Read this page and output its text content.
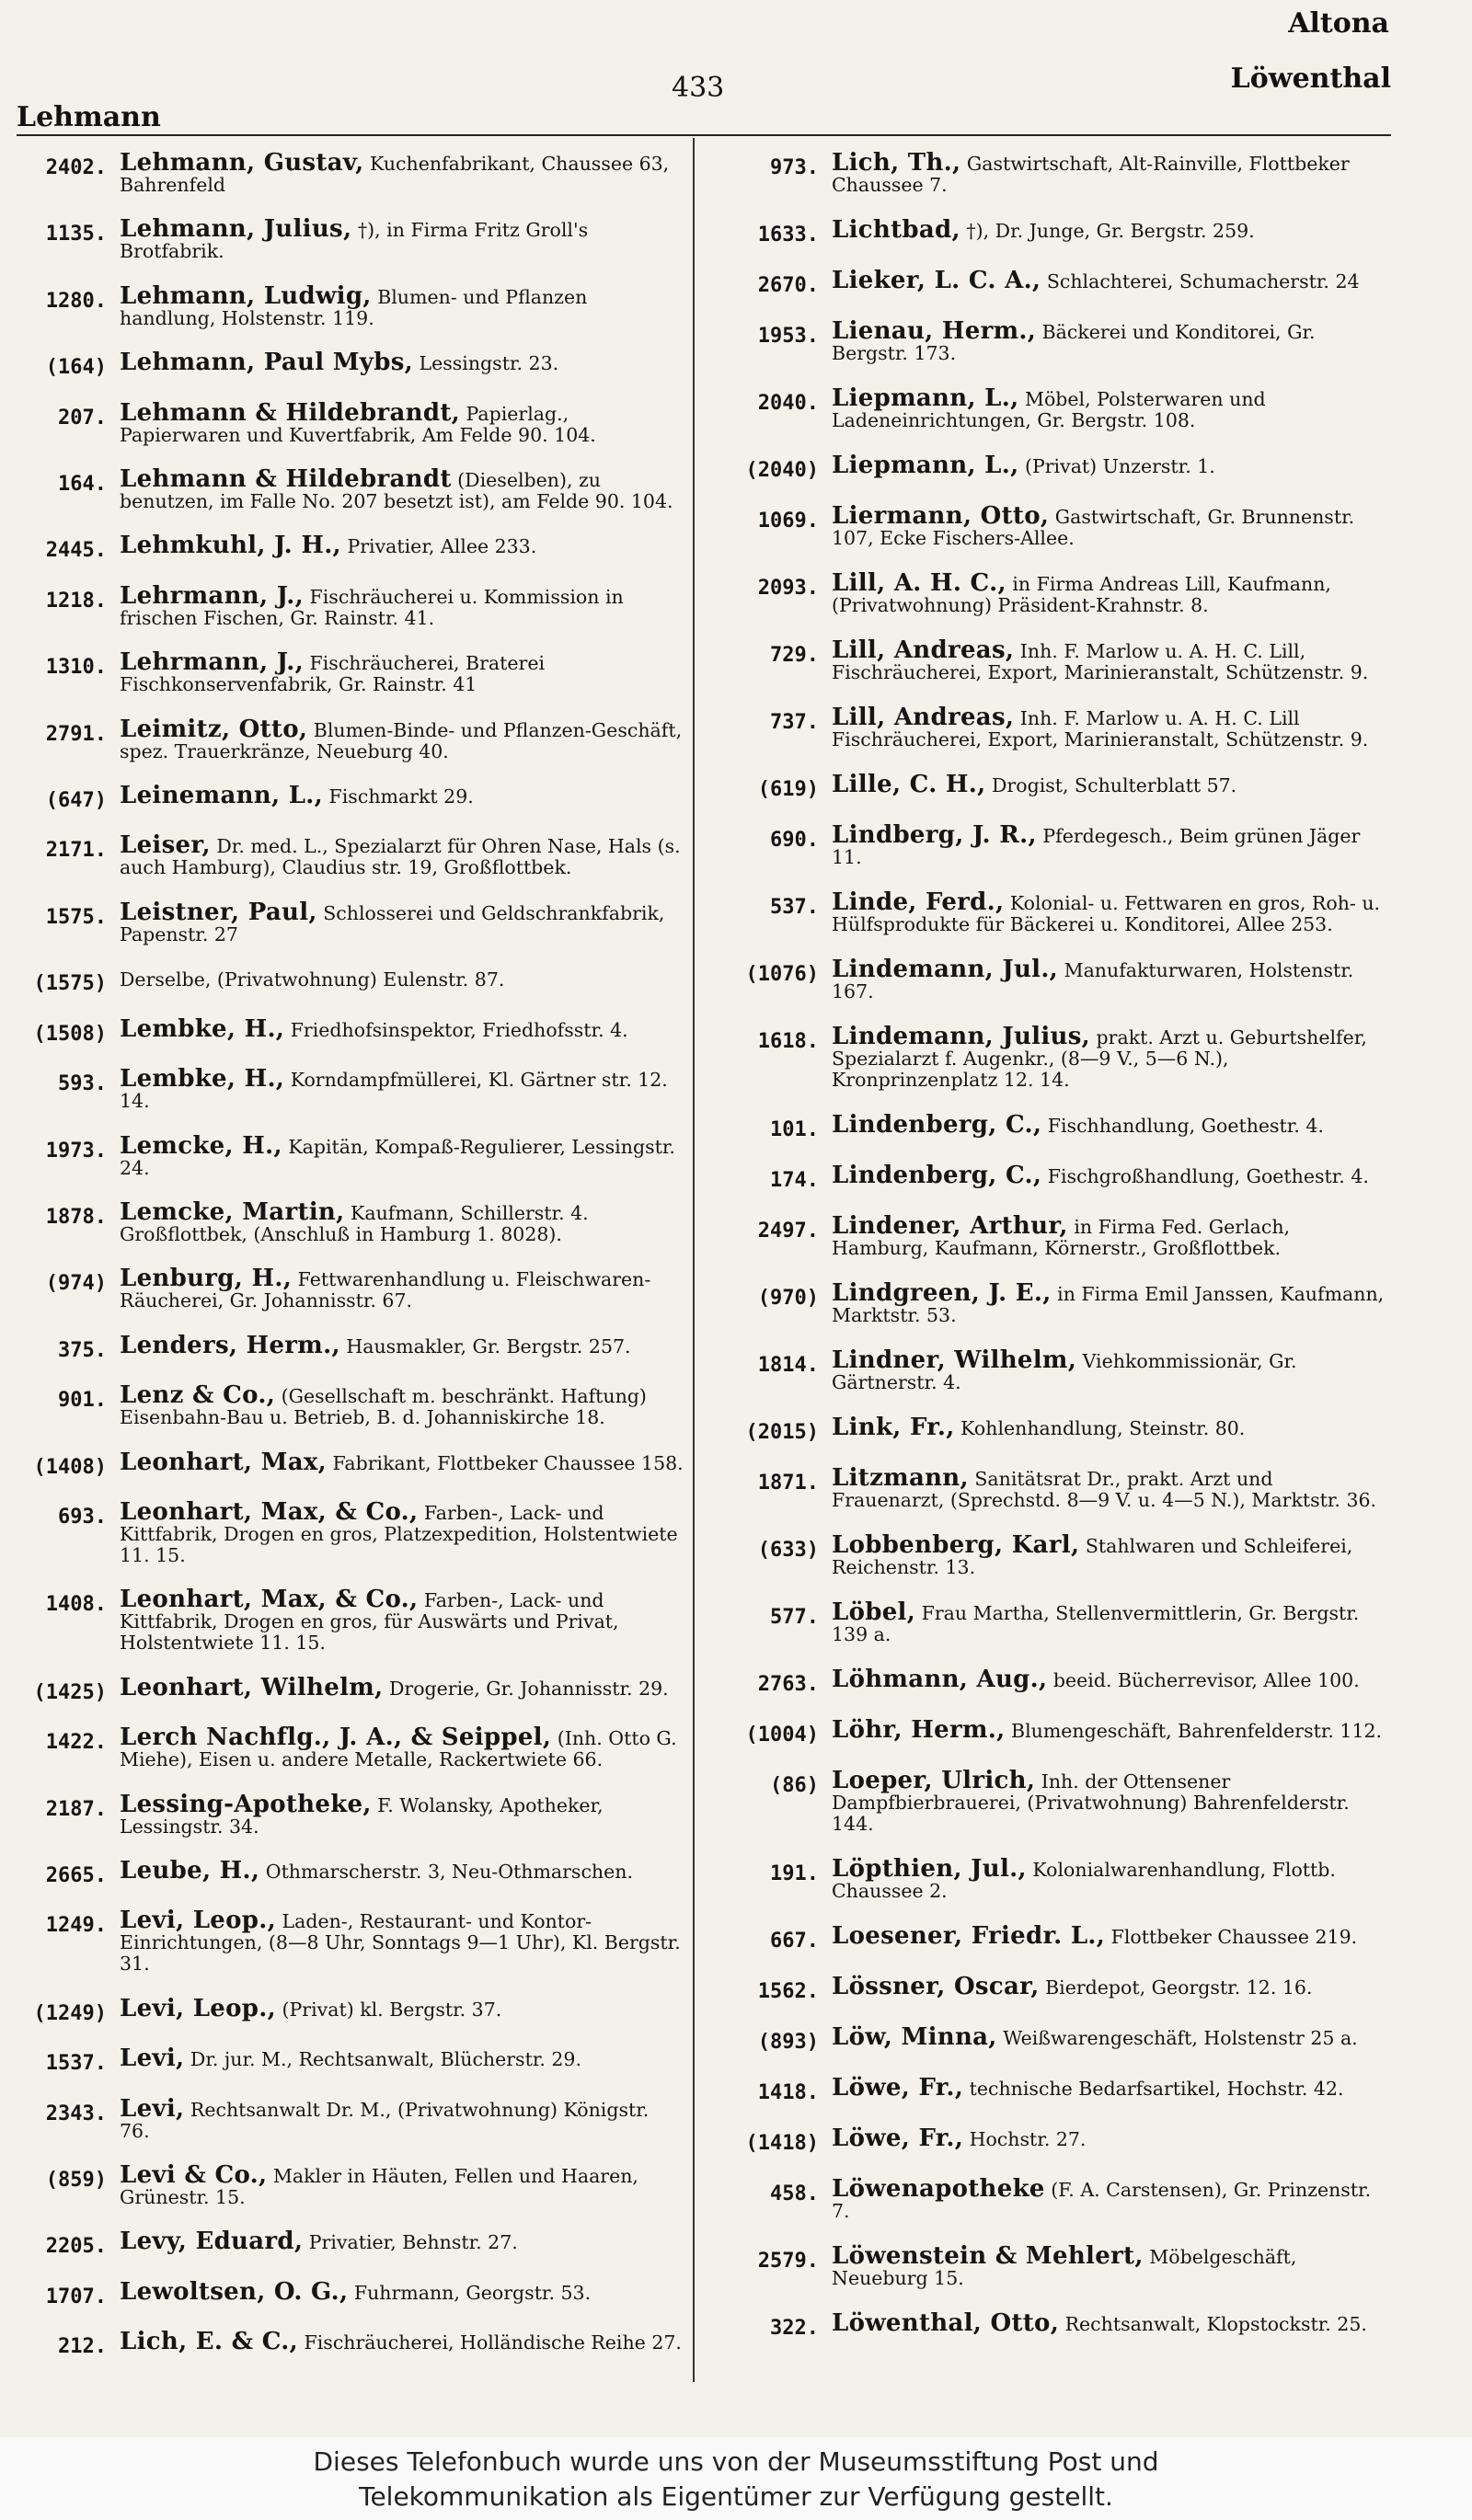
Altona
433
Lehmann
Löwenthal
2402. Lehmann, Gustav, Kuchenfabrikant, Chaussee 63, Bahrenfeld
1135. Lehmann, Julius, †), in Firma Fritz Groll's Brotfabrik.
1280. Lehmann, Ludwig, Blumen- und Pflanzen handlung, Holstenstr. 119.
(164) Lehmann, Paul Mybs, Lessingstr. 23.
207. Lehmann & Hildebrandt, Papierlag., Papierwaren und Kuvertfabrik, Am Felde 90. 104.
164. Lehmann & Hildebrandt (Dieselben), zu benutzen, im Falle No. 207 besetzt ist), am Felde 90. 104.
2445. Lehmkuhl, J. H., Privatier, Allee 233.
1218. Lehrmann, J., Fischräucherei u. Kommission in frischen Fischen, Gr. Rainstr. 41.
1310. Lehrmann, J., Fischräucherei, Braterei Fischkonservenfabrik, Gr. Rainstr. 41
2791. Leimitz, Otto, Blumen-Binde- und Pflanzen-Geschäft, spez. Trauerkränze, Neueburg 40.
(647) Leinemann, L., Fischmarkt 29.
2171. Leiser, Dr. med. L., Spezialarzt für Ohren Nase, Hals (s. auch Hamburg), Claudius str. 19, Großflottbek.
1575. Leistner, Paul, Schlosserei und Geldschrankfabrik, Papenstr. 27
(1575) Derselbe, (Privatwohnung) Eulenstr. 87.
(1508) Lembke, H., Friedhofsinspektor, Friedhofsstr. 4.
593. Lembke, H., Korndampfmüllerei, Kl. Gärtner str. 12. 14.
1973. Lemcke, H., Kapitän, Kompaß-Regulierer, Lessingstr. 24.
1878. Lemcke, Martin, Kaufmann, Schillerstr. 4. Großflottbek, (Anschluß in Hamburg 1. 8028).
(974) Lenburg, H., Fettwarenhandlung u. Fleischwaren-Räucherei, Gr. Johannisstr. 67.
375. Lenders, Herm., Hausmakler, Gr. Bergstr. 257.
901. Lenz & Co., (Gesellschaft m. beschränkt. Haftung) Eisenbahn-Bau u. Betrieb, B. d. Johanniskirche 18.
(1408) Leonhart, Max, Fabrikant, Flottbeker Chaussee 158.
693. Leonhart, Max, & Co., Farben-, Lack- und Kittfabrik, Drogen en gros, Platzexpedition, Holstentwiete 11. 15.
1408. Leonhart, Max, & Co., Farben-, Lack- und Kittfabrik, Drogen en gros, für Auswärts und Privat, Holstentwiete 11. 15.
(1425) Leonhart, Wilhelm, Drogerie, Gr. Johannisstr. 29.
1422. Lerch Nachflg., J. A., & Seippel, (Inh. Otto G. Miehe), Eisen u. andere Metalle, Rackertwiete 66.
2187. Lessing-Apotheke, F. Wolansky, Apotheker, Lessingstr. 34.
2665. Leube, H., Othmarscherstr. 3, Neu-Othmarschen.
1249. Levi, Leop., Laden-, Restaurant- und Kontor-Einrichtungen, (8—8 Uhr, Sonntags 9—1 Uhr), Kl. Bergstr. 31.
(1249) Levi, Leop., (Privat) kl. Bergstr. 37.
1537. Levi, Dr. jur. M., Rechtsanwalt, Blücherstr. 29.
2343. Levi, Rechtsanwalt Dr. M., (Privatwohnung) Königstr. 76.
(859) Levi & Co., Makler in Häuten, Fellen und Haaren, Grünestr. 15.
2205. Levy, Eduard, Privatier, Behnstr. 27.
1707. Lewoltsen, O. G., Fuhrmann, Georgstr. 53.
212. Lich, E. & C., Fischräucherei, Holländische Reihe 27.
973. Lich, Th., Gastwirtschaft, Alt-Rainville, Flottbeker Chaussee 7.
1633. Lichtbad, †), Dr. Junge, Gr. Bergstr. 259.
2670. Lieker, L. C. A., Schlachterei, Schumacherstr. 24
1953. Lienau, Herm., Bäckerei und Konditorei, Gr. Bergstr. 173.
2040. Liepmann, L., Möbel, Polsterwaren und Ladeneinrichtungen, Gr. Bergstr. 108.
(2040) Liepmann, L., (Privat) Unzerstr. 1.
1069. Liermann, Otto, Gastwirtschaft, Gr. Brunnenstr. 107, Ecke Fischers-Allee.
2093. Lill, A. H. C., in Firma Andreas Lill, Kaufmann, (Privatwohnung) Präsident-Krahnstr. 8.
729. Lill, Andreas, Inh. F. Marlow u. A. H. C. Lill, Fischräucherei, Export, Marinieranstalt, Schützenstr. 9.
737. Lill, Andreas, Inh. F. Marlow u. A. H. C. Lill Fischräucherei, Export, Marinieranstalt, Schützenstr. 9.
(619) Lille, C. H., Drogist, Schulterblatt 57.
690. Lindberg, J. R., Pferdegesch., Beim grünen Jäger 11.
537. Linde, Ferd., Kolonial- u. Fettwaren en gros, Roh- u. Hülfsprodukte für Bäckerei u. Konditorei, Allee 253.
(1076) Lindemann, Jul., Manufakturwaren, Holstenstr. 167.
1618. Lindemann, Julius, prakt. Arzt u. Geburtshelfer, Spezialarzt f. Augenkr., (8—9 V., 5—6 N.), Kronprinzenplatz 12. 14.
101. Lindenberg, C., Fischhandlung, Goethestr. 4.
174. Lindenberg, C., Fischgroßhandlung, Goethestr. 4.
2497. Lindener, Arthur, in Firma Fed. Gerlach, Hamburg, Kaufmann, Körnerstr., Großflottbek.
(970) Lindgreen, J. E., in Firma Emil Janssen, Kaufmann, Marktstr. 53.
1814. Lindner, Wilhelm, Viehkommissionär, Gr. Gärtnerstr. 4.
(2015) Link, Fr., Kohlenhandlung, Steinstr. 80.
1871. Litzmann, Sanitätsrat Dr., prakt. Arzt und Frauenarzt, (Sprechstd. 8—9 V. u. 4—5 N.), Marktstr. 36.
(633) Lobbenberg, Karl, Stahlwaren und Schleiferei, Reichenstr. 13.
577. Löbel, Frau Martha, Stellenvermittlerin, Gr. Bergstr. 139 a.
2763. Löhmann, Aug., beeid. Bücherrevisor, Allee 100.
(1004) Löhr, Herm., Blumengeschäft, Bahrenfelderstr. 112.
(86) Loeper, Ulrich, Inh. der Ottensener Dampfbierbrauerei, (Privatwohnung) Bahrenfelderstr. 144.
191. Löpthien, Jul., Kolonialwarenhandlung, Flottb. Chaussee 2.
667. Loesener, Friedr. L., Flottbeker Chaussee 219.
1562. Lössner, Oscar, Bierdepot, Georgstr. 12. 16.
(893) Löw, Minna, Weißwarengeschäft, Holstenstr 25 a.
1418. Löwe, Fr., technische Bedarfsartikel, Hochstr. 42.
(1418) Löwe, Fr., Hochstr. 27.
458. Löwenapotheke (F. A. Carstensen), Gr. Prinzenstr. 7.
2579. Löwenstein & Mehlert, Möbelgeschäft, Neueburg 15.
322. Löwenthal, Otto, Rechtsanwalt, Klopstockstr. 25.
Dieses Telefonbuch wurde uns von der Museumsstiftung Post und
Telekommunikation als Eigentümer zur Verfügung gestellt.
